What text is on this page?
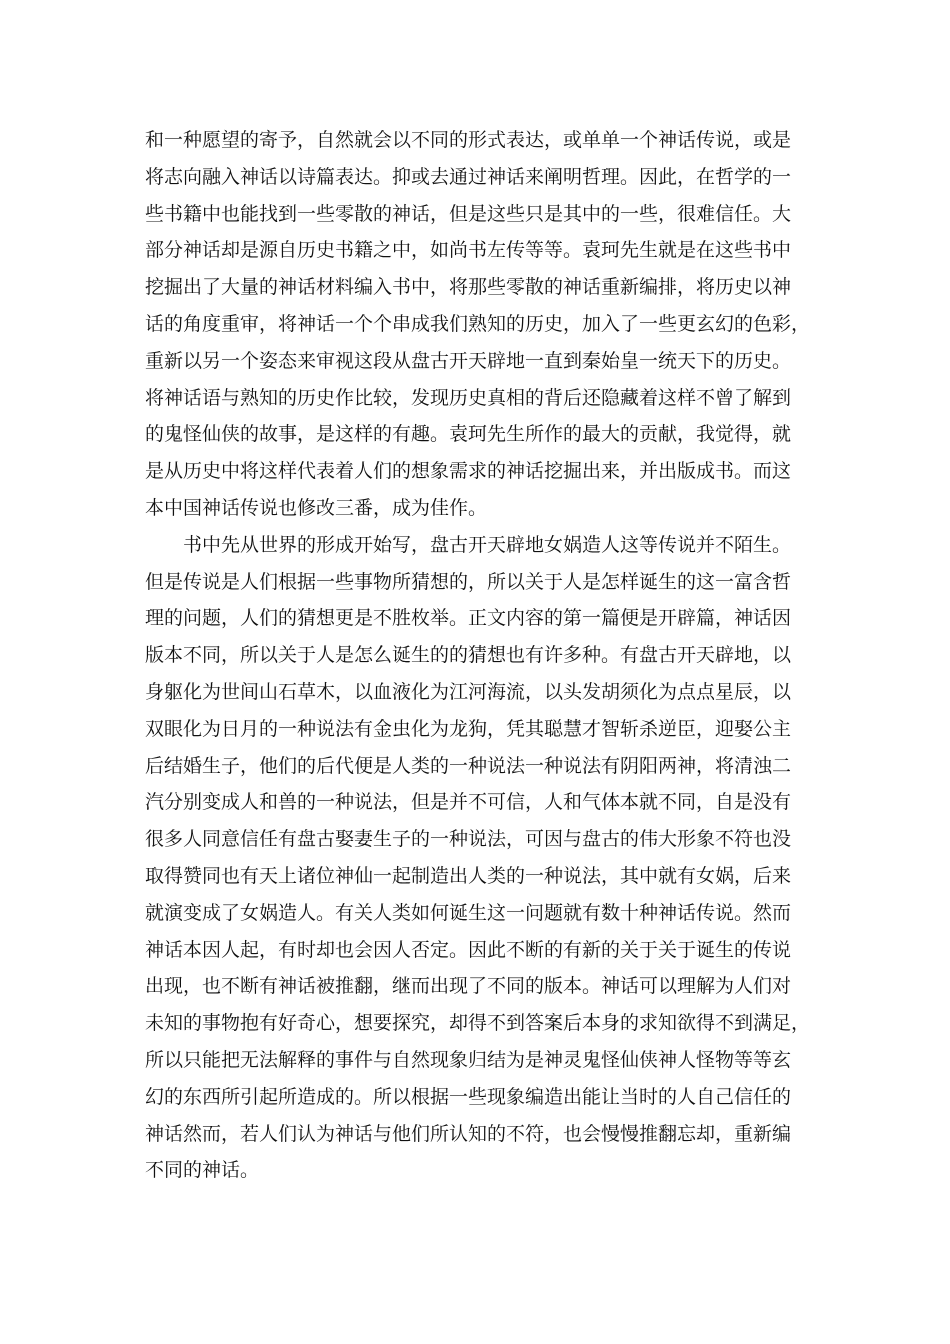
和一种愿望的寄予，自然就会以不同的形式表达，或单单一个神话传说，或是
将志向融入神话以诗篇表达。抑或去通过神话来阐明哲理。因此，在哲学的一
些书籍中也能找到一些零散的神话，但是这些只是其中的一些，很难信任。大
部分神话却是源自历史书籍之中，如尚书左传等等。袁珂先生就是在这些书中
挖掘出了大量的神话材料编入书中，将那些零散的神话重新编排，将历史以神
话的角度重审，将神话一个个串成我们熟知的历史，加入了一些更玄幻的色彩，
重新以另一个姿态来审视这段从盘古开天辟地一直到秦始皇一统天下的历史。
将神话语与熟知的历史作比较，发现历史真相的背后还隐藏着这样不曾了解到
的鬼怪仙侠的故事，是这样的有趣。袁珂先生所作的最大的贡献，我觉得，就
是从历史中将这样代表着人们的想象需求的神话挖掘出来，并出版成书。而这
本中国神话传说也修改三番，成为佳作。
书中先从世界的形成开始写，盘古开天辟地女娲造人这等传说并不陌生。
但是传说是人们根据一些事物所猜想的，所以关于人是怎样诞生的这一富含哲
理的问题，人们的猜想更是不胜枚举。正文内容的第一篇便是开辟篇，神话因
版本不同，所以关于人是怎么诞生的的猜想也有许多种。有盘古开天辟地，以
身躯化为世间山石草木，以血液化为江河海流，以头发胡须化为点点星辰，以
双眼化为日月的一种说法有金虫化为龙狗，凭其聪慧才智斩杀逆臣，迎娶公主
后结婚生子，他们的后代便是人类的一种说法一种说法有阴阳两神，将清浊二
汽分别变成人和兽的一种说法，但是并不可信，人和气体本就不同，自是没有
很多人同意信任有盘古娶妻生子的一种说法，可因与盘古的伟大形象不符也没
取得赞同也有天上诸位神仙一起制造出人类的一种说法，其中就有女娲，后来
就演变成了女娲造人。有关人类如何诞生这一问题就有数十种神话传说。然而
神话本因人起，有时却也会因人否定。因此不断的有新的关于关于诞生的传说
出现，也不断有神话被推翻，继而出现了不同的版本。神话可以理解为人们对
未知的事物抱有好奇心，想要探究，却得不到答案后本身的求知欲得不到满足，
所以只能把无法解释的事件与自然现象归结为是神灵鬼怪仙侠神人怪物等等玄
幻的东西所引起所造成的。所以根据一些现象编造出能让当时的人自己信任的
神话然而，若人们认为神话与他们所认知的不符，也会慢慢推翻忘却，重新编
不同的神话。
